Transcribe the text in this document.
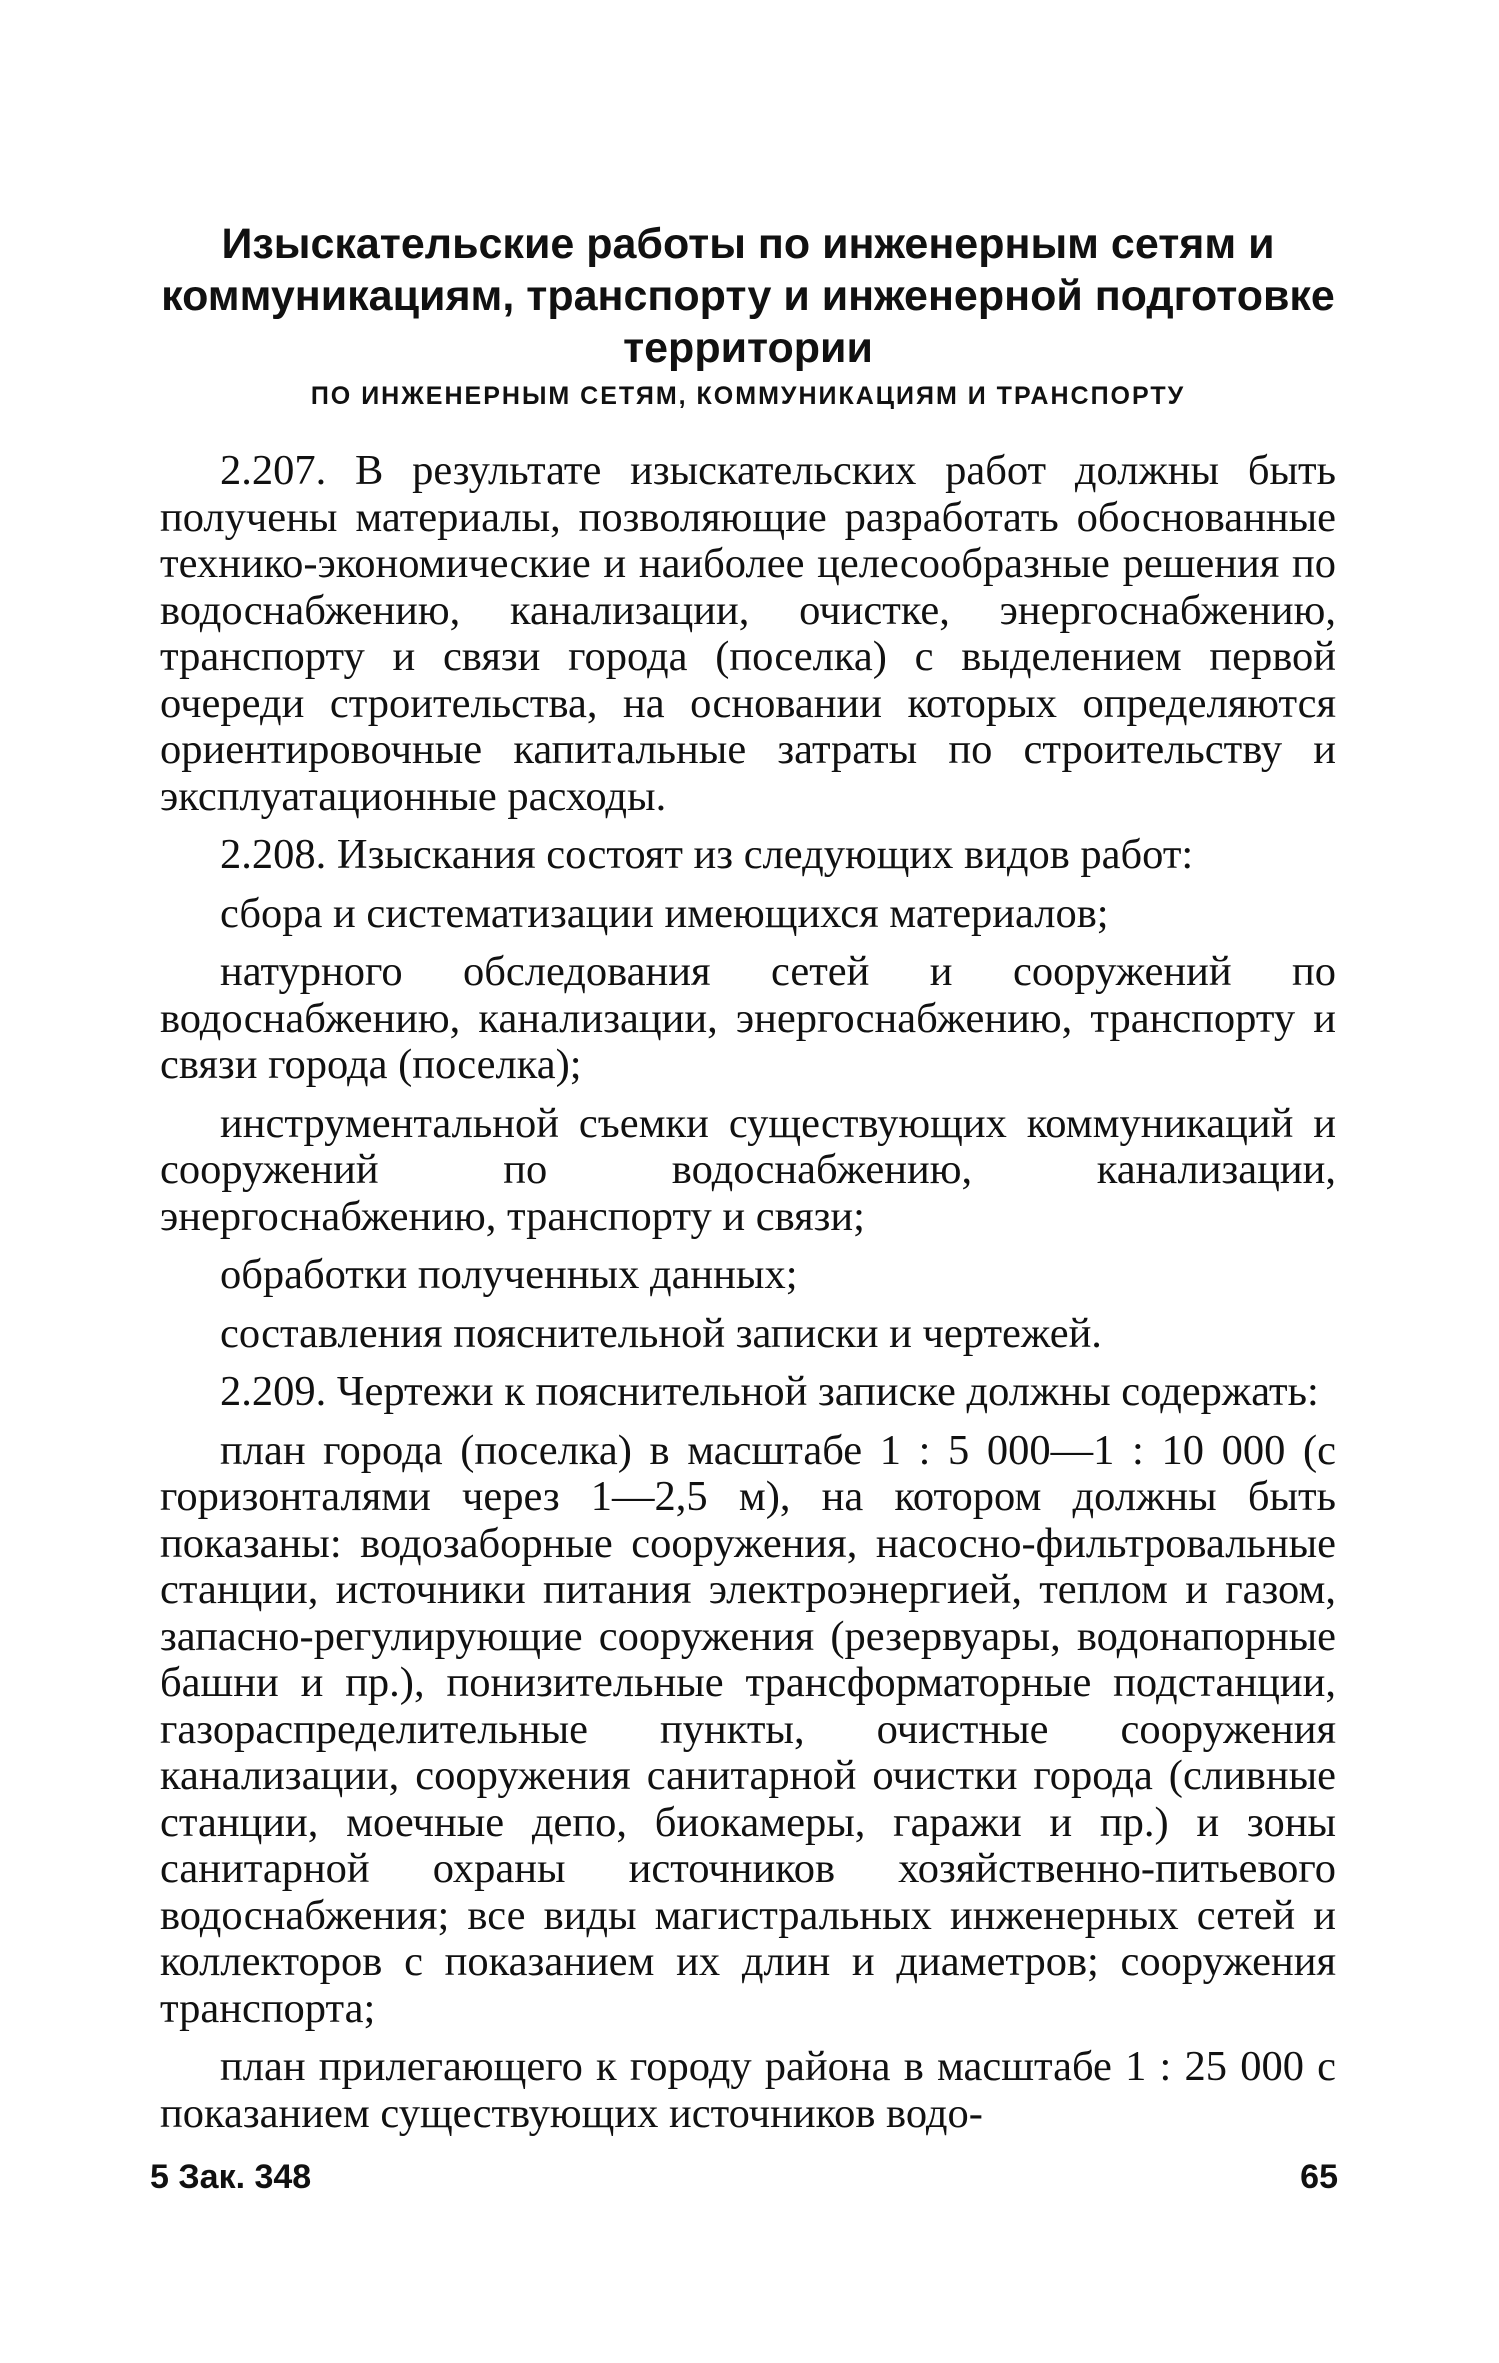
Изыскательские работы по инженерным сетям и коммуникациям, транспорту и инженерной подготовке территории
ПО ИНЖЕНЕРНЫМ СЕТЯМ, КОММУНИКАЦИЯМ И ТРАНСПОРТУ

2.207. В результате изыскательских работ должны быть получены материалы, позволяющие разработать обоснованные технико-экономические и наиболее целесообразные решения по водоснабжению, канализации, очистке, энергоснабжению, транспорту и связи города (поселка) с выделением первой очереди строительства, на основании которых определяются ориентировочные капитальные затраты по строительству и эксплуатационные расходы.

2.208. Изыскания состоят из следующих видов работ:

сбора и систематизации имеющихся материалов;

натурного обследования сетей и сооружений по водоснабжению, канализации, энергоснабжению, транспорту и связи города (поселка);

инструментальной съемки существующих коммуникаций и сооружений по водоснабжению, канализации, энергоснабжению, транспорту и связи;

обработки полученных данных;

составления пояснительной записки и чертежей.

2.209. Чертежи к пояснительной записке должны содержать:

план города (поселка) в масштабе 1 : 5 000—1 : 10 000 (с горизонталями через 1—2,5 м), на котором должны быть показаны: водозаборные сооружения, насосно-фильтровальные станции, источники питания электроэнергией, теплом и газом, запасно-регулирующие сооружения (резервуары, водонапорные башни и пр.), понизительные трансформаторные подстанции, газораспределительные пункты, очистные сооружения канализации, сооружения санитарной очистки города (сливные станции, моечные депо, биокамеры, гаражи и пр.) и зоны санитарной охраны источников хозяйственно-питьевого водоснабжения; все виды магистральных инженерных сетей и коллекторов с показанием их длин и диаметров; сооружения транспорта;

план прилегающего к городу района в масштабе 1 : 25 000 с показанием существующих источников водо-

5 Зак. 348	65
